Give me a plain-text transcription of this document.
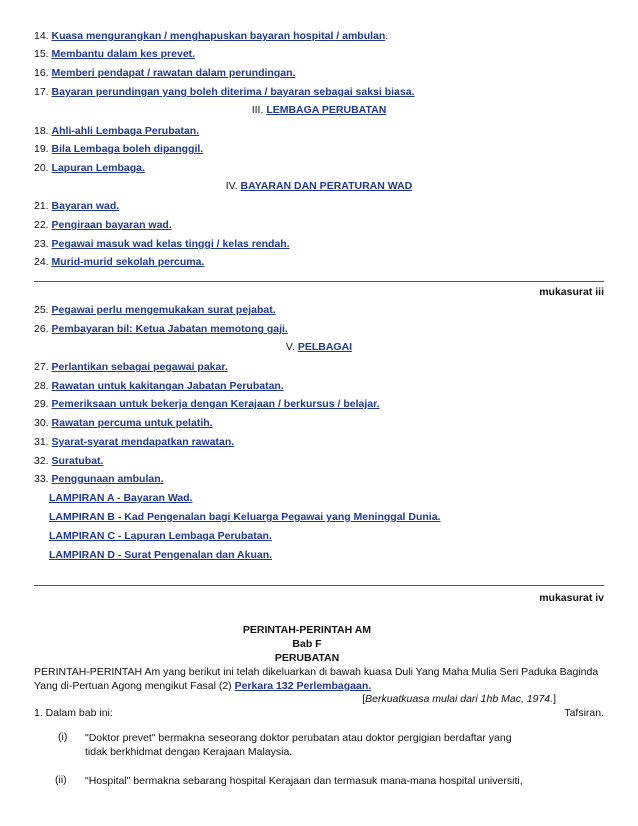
14. Kuasa mengurangkan / menghapuskan bayaran hospital / ambulan.
15. Membantu dalam kes prevet.
16. Memberi pendapat / rawatan dalam perundingan.
17. Bayaran perundingan yang boleh diterima / bayaran sebagai saksi biasa.
III. LEMBAGA PERUBATAN
18. Ahli-ahli Lembaga Perubatan.
19. Bila Lembaga boleh dipanggil.
20. Lapuran Lembaga.
IV. BAYARAN DAN PERATURAN WAD
21. Bayaran wad.
22. Pengiraan bayaran wad.
23. Pegawai masuk wad kelas tinggi / kelas rendah.
24. Murid-murid sekolah percuma.
mukasurat iii
25. Pegawai perlu mengemukakan surat pejabat.
26. Pembayaran bil: Ketua Jabatan memotong gaji.
V. PELBAGAI
27. Perlantikan sebagai pegawai pakar.
28. Rawatan untuk kakitangan Jabatan Perubatan.
29. Pemeriksaan untuk bekerja dengan Kerajaan / berkursus / belajar.
30. Rawatan percuma untuk pelatih.
31. Syarat-syarat mendapatkan rawatan.
32. Suratubat.
33. Penggunaan ambulan.
LAMPIRAN A - Bayaran Wad.
LAMPIRAN B - Kad Pengenalan bagi Keluarga Pegawai yang Meninggal Dunia.
LAMPIRAN C - Lapuran Lembaga Perubatan.
LAMPIRAN D - Surat Pengenalan dan Akuan.
mukasurat iv
PERINTAH-PERINTAH AM
Bab F
PERUBATAN
PERINTAH-PERINTAH Am yang berikut ini telah dikeluarkan di bawah kuasa Duli Yang Maha Mulia Seri Paduka Baginda Yang di-Pertuan Agong mengikut Fasal (2) Perkara 132 Perlembagaan.
[Berkuatkuasa mulai dari 1hb Mac, 1974.]
1. Dalam bab ini:	Tafsiran.
(i) "Doktor prevet" bermakna seseorang doktor perubatan atau doktor pergigian berdaftar yang tidak berkhidmat dengan Kerajaan Malaysia.
(ii) "Hospital" bermakna sebarang hospital Kerajaan dan termasuk mana-mana hospital universiti,
